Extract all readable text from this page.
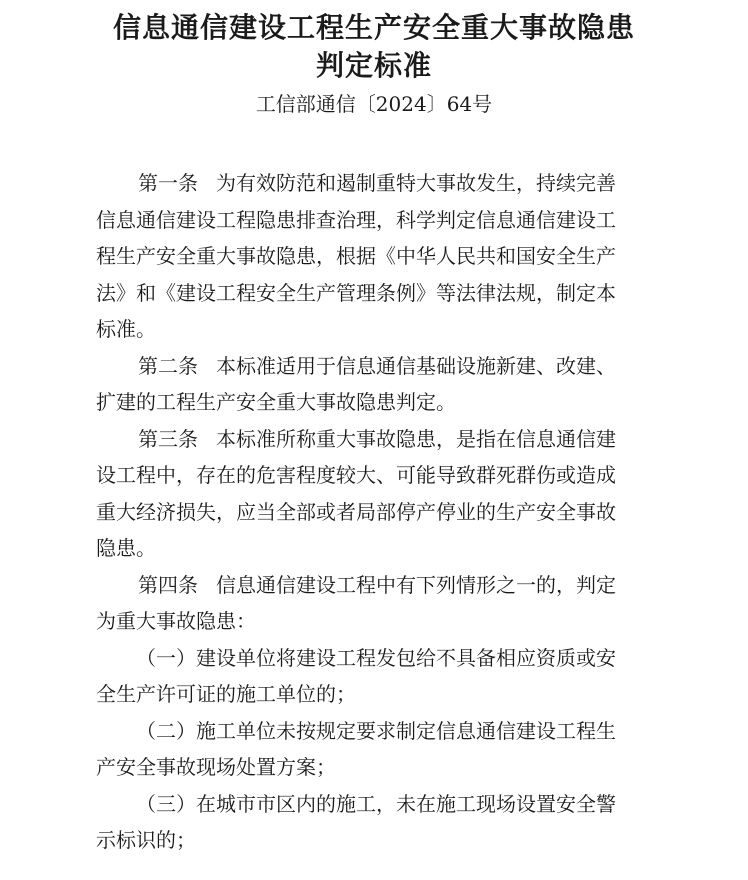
信息通信建设工程生产安全重大事故隐患
判定标准
工信部通信〔2024〕64号
第一条 为有效防范和遏制重特大事故发生，持续完善
信息通信建设工程隐患排查治理，科学判定信息通信建设工
程生产安全重大事故隐患，根据《中华人民共和国安全生产
法》和《建设工程安全生产管理条例》等法律法规，制定本
标准。
第二条 本标准适用于信息通信基础设施新建、改建、
扩建的工程生产安全重大事故隐患判定。
第三条 本标准所称重大事故隐患，是指在信息通信建
设工程中，存在的危害程度较大、可能导致群死群伤或造成
重大经济损失，应当全部或者局部停产停业的生产安全事故
隐患。
第四条 信息通信建设工程中有下列情形之一的，判定
为重大事故隐患：
（一）建设单位将建设工程发包给不具备相应资质或安
全生产许可证的施工单位的；
（二）施工单位未按规定要求制定信息通信建设工程生
产安全事故现场处置方案；
（三）在城市市区内的施工，未在施工现场设置安全警
示标识的；
